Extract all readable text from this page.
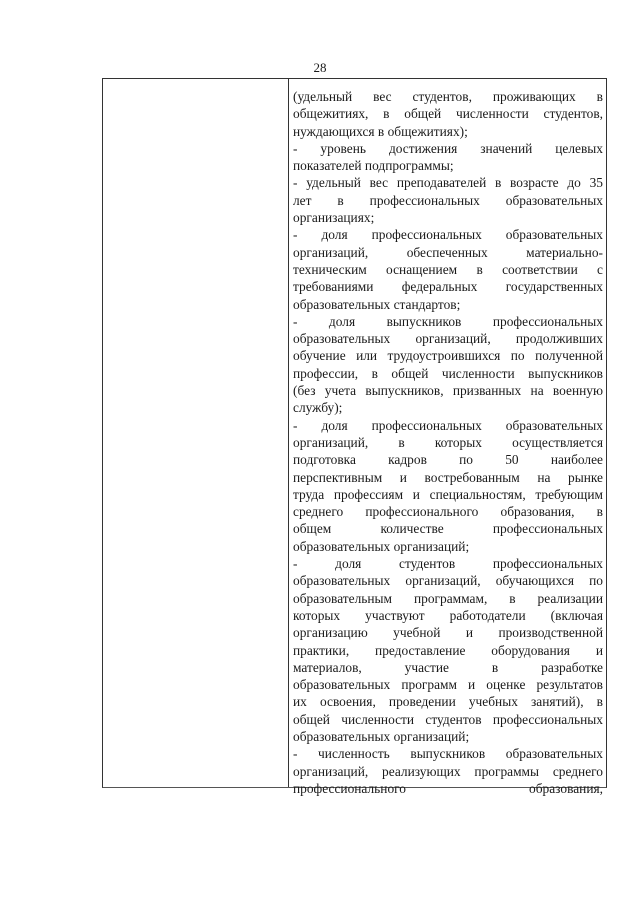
28
(удельный вес студентов, проживающих в
общежитиях, в общей численности студентов,
нуждающихся в общежитиях);
- уровень достижения значений целевых
показателей подпрограммы;
- удельный вес преподавателей в возрасте до 35
лет в профессиональных образовательных
организациях;
- доля профессиональных образовательных
организаций, обеспеченных материально-
техническим оснащением в соответствии с
требованиями федеральных государственных
образовательных стандартов;
- доля выпускников профессиональных
образовательных организаций, продолживших
обучение или трудоустроившихся по полученной
профессии, в общей численности выпускников
(без учета выпускников, призванных на военную
службу);
- доля профессиональных образовательных
организаций, в которых осуществляется
подготовка кадров по 50 наиболее
перспективным и востребованным на рынке
труда профессиям и специальностям, требующим
среднего профессионального образования, в
общем количестве профессиональных
образовательных организаций;
- доля студентов профессиональных
образовательных организаций, обучающихся по
образовательным программам, в реализации
которых участвуют работодатели (включая
организацию учебной и производственной
практики, предоставление оборудования и
материалов, участие в разработке
образовательных программ и оценке результатов
их освоения, проведении учебных занятий), в
общей численности студентов профессиональных
образовательных организаций;
- численность выпускников образовательных
организаций, реализующих программы среднего
профессионального образования,
